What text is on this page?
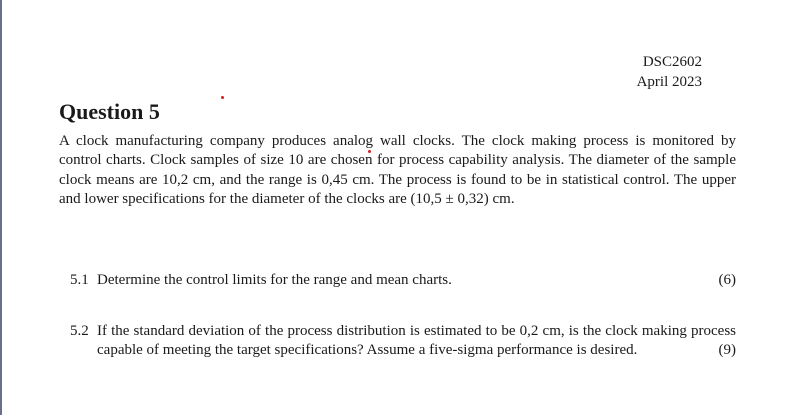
DSC2602
April 2023
Question 5

A clock manufacturing company produces analog wall clocks. The clock making process is monitored by control charts. Clock samples of size 10 are chosen for process capability analysis. The diameter of the sample clock means are 10,2 cm, and the range is 0,45 cm. The process is found to be in statistical control. The upper and lower specifications for the diameter of the clocks are (10,5 ± 0,32) cm.

5.1 Determine the control limits for the range and mean charts.	(6)
5.2 If the standard deviation of the process distribution is estimated to be 0,2 cm, is the clock making process capable of meeting the target specifications? Assume a five-sigma performance is desired.	(9)
